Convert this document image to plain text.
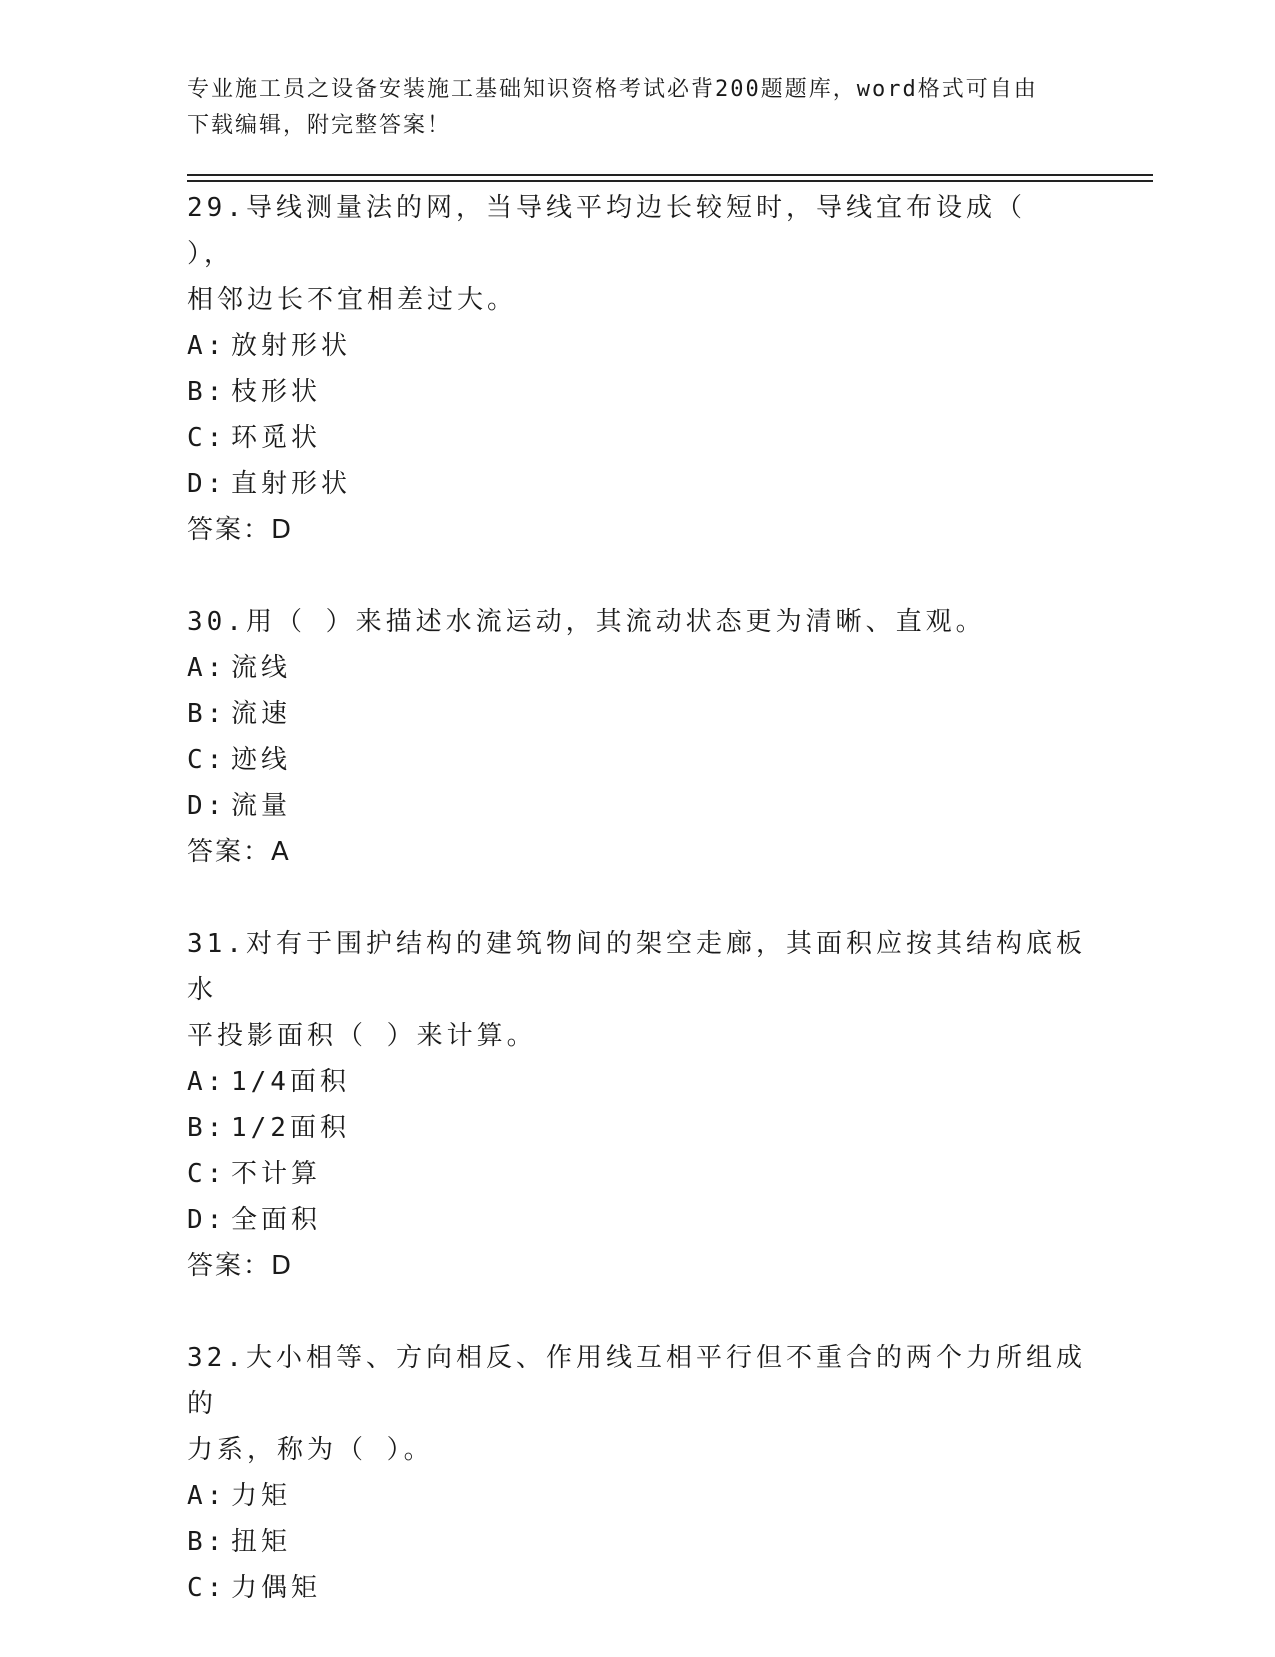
专业施工员之设备安装施工基础知识资格考试必背200题题库，word格式可自由
下载编辑，附完整答案！

29.导线测量法的网，当导线平均边长较短时，导线宜布设成（ ），

相邻边长不宜相差过大。

A: 放射形状

B: 枝形状

C: 环觅状

D: 直射形状

答案：D

30.用（ ）来描述水流运动，其流动状态更为清晰、直观。

A: 流线

B: 流速

C: 迹线

D: 流量

答案：A

31.对有于围护结构的建筑物间的架空走廊，其面积应按其结构底板水

平投影面积（ ）来计算。

A: 1/4面积

B: 1/2面积

C: 不计算

D: 全面积

答案：D

32.大小相等、方向相反、作用线互相平行但不重合的两个力所组成的

力系，称为（ ）。

A: 力矩

B: 扭矩

C: 力偶矩
